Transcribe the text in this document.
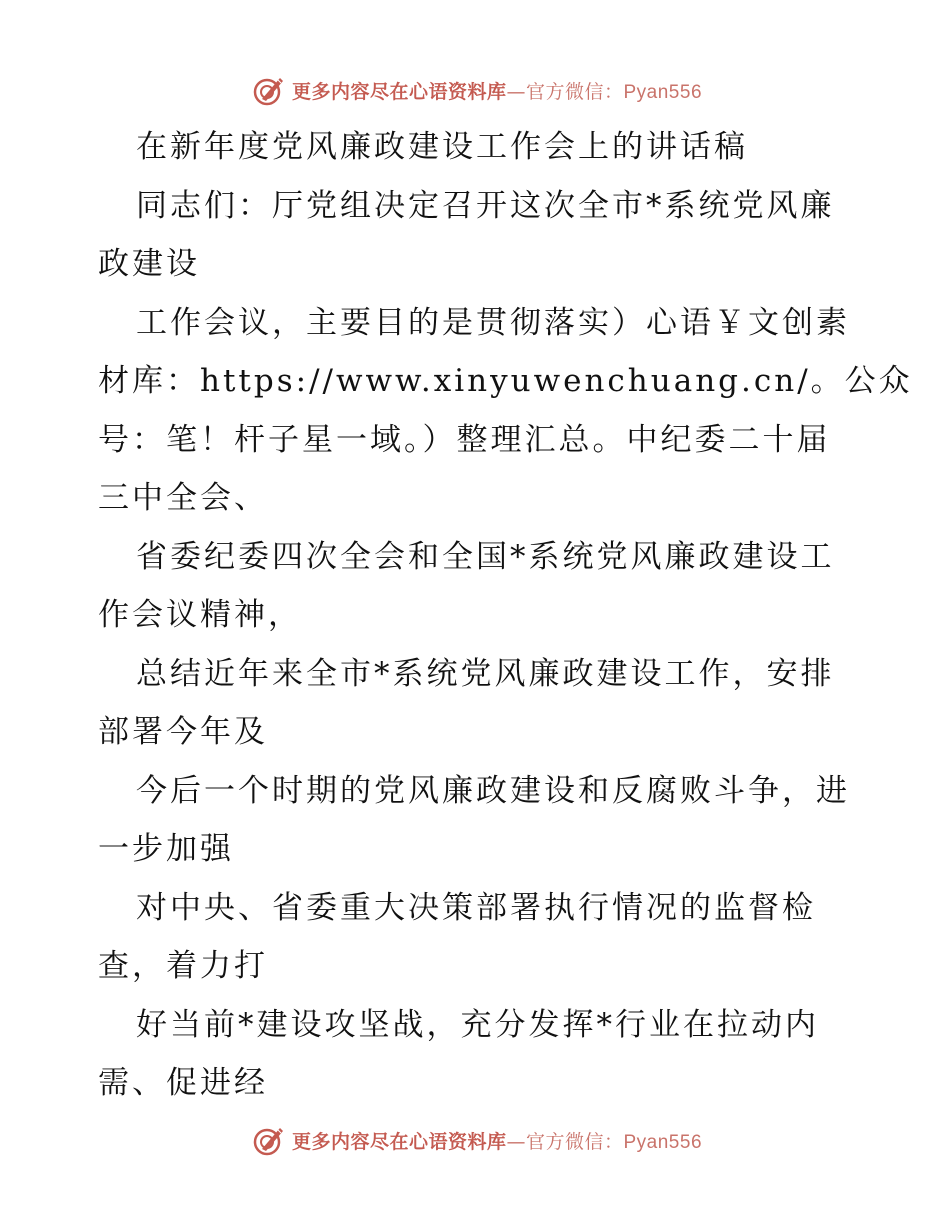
更多内容尽在心语资料库—官方微信：Pyan556
在新年度党风廉政建设工作会上的讲话稿
同志们：厅党组决定召开这次全市*系统党风廉
政建设
工作会议，主要目的是贯彻落实）心语￥文创素
材库：https://www.xinyuwenchuang.cn/。公众
号：笔！杆子星一域。）整理汇总。中纪委二十届
三中全会、
省委纪委四次全会和全国*系统党风廉政建设工
作会议精神，
总结近年来全市*系统党风廉政建设工作，安排
部署今年及
今后一个时期的党风廉政建设和反腐败斗争，进
一步加强
对中央、省委重大决策部署执行情况的监督检
查，着力打
好当前*建设攻坚战，充分发挥*行业在拉动内
需、促进经
更多内容尽在心语资料库—官方微信：Pyan556
